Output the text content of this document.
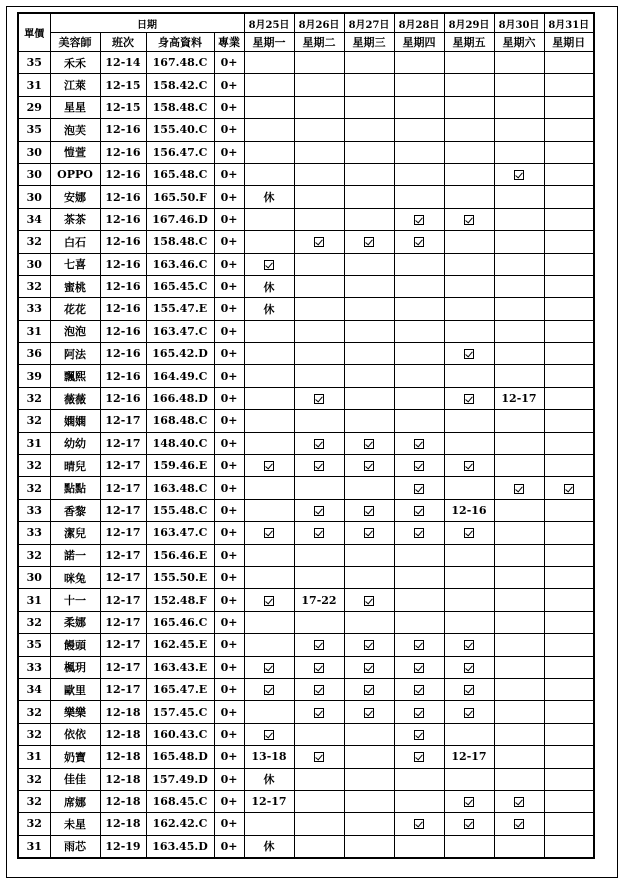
單價	日期				8月25日	8月26日	8月27日	8月28日	8月29日	8月30日	8月31日
	美容師	班次	身高資料	專業	星期一	星期二	星期三	星期四	星期五	星期六	星期日
35	禾禾	12-14	167.48.C	0+							
31	江萊	12-15	158.42.C	0+							
29	星星	12-15	158.48.C	0+							
35	泡芙	12-16	155.40.C	0+							
30	愷萱	12-16	156.47.C	0+							
30	OPPO	12-16	165.48.C	0+							
30	安娜	12-16	165.50.F	0+	休						
34	茶茶	12-16	167.46.D	0+							
32	白石	12-16	158.48.C	0+							
30	七喜	12-16	163.46.C	0+							
32	蜜桃	12-16	165.45.C	0+	休						
33	花花	12-16	155.47.E	0+	休						
31	泡泡	12-16	163.47.C	0+							
36	阿法	12-16	165.42.D	0+							
39	飄熙	12-16	164.49.C	0+							
32	薇薇	12-16	166.48.D	0+						12-17	
32	嫻嫻	12-17	168.48.C	0+							
31	幼幼	12-17	148.40.C	0+							
32	晴兒	12-17	159.46.E	0+							
32	點點	12-17	163.48.C	0+							
33	香黎	12-17	155.48.C	0+					12-16		
33	潔兒	12-17	163.47.C	0+							
32	諾一	12-17	156.46.E	0+							
30	咪兔	12-17	155.50.E	0+							
31	十一	12-17	152.48.F	0+		17-22					
32	柔娜	12-17	165.46.C	0+							
35	饅頭	12-17	162.45.E	0+							
33	楓玥	12-17	163.43.E	0+							
34	歐里	12-17	165.47.E	0+							
32	樂樂	12-18	157.45.C	0+							
32	依依	12-18	160.43.C	0+							
31	奶寶	12-18	165.48.D	0+	13-18				12-17		
32	佳佳	12-18	157.49.D	0+	休						
32	席娜	12-18	168.45.C	0+	12-17						
32	未星	12-18	162.42.C	0+							
31	雨芯	12-19	163.45.D	0+	休						
